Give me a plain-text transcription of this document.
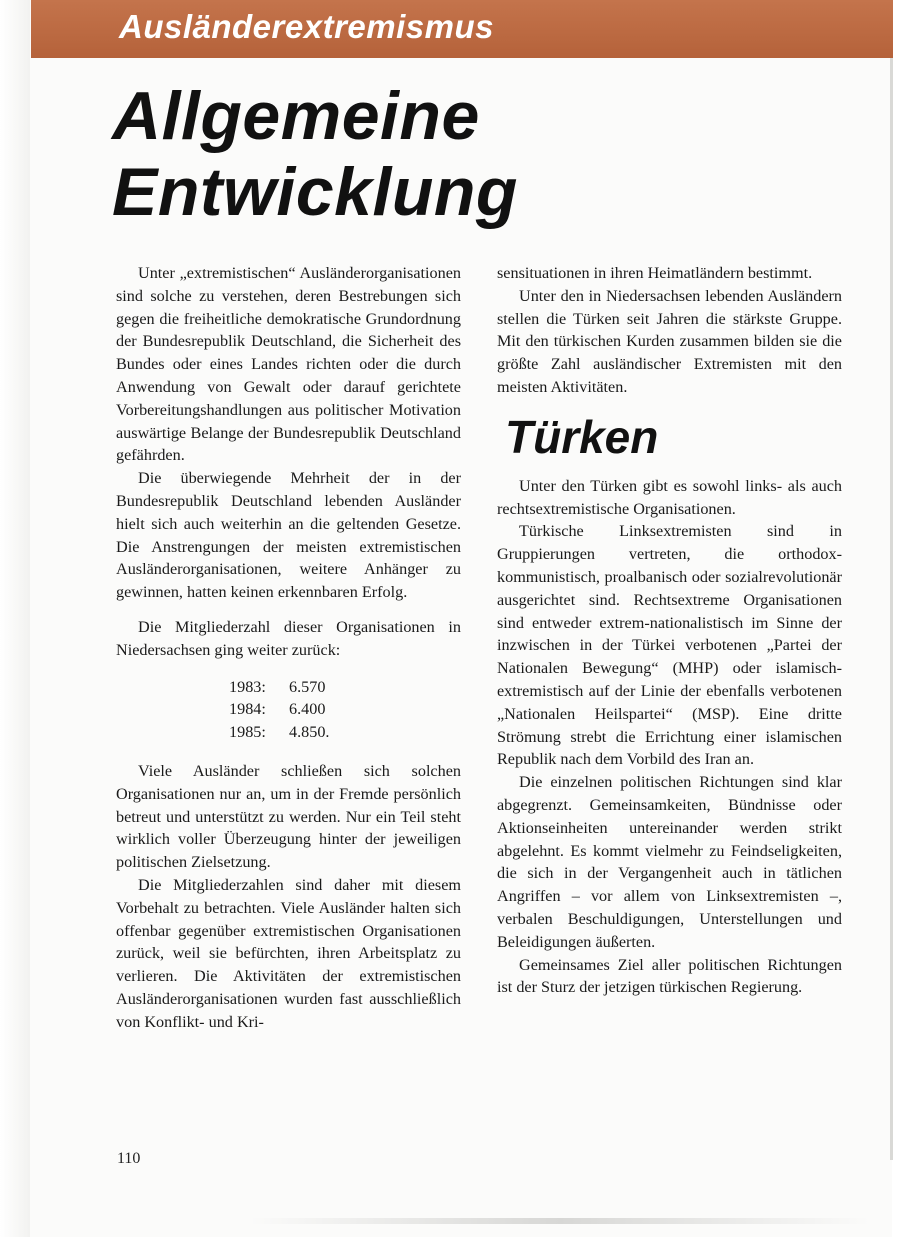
Ausländerextremismus
Allgemeine
Entwicklung

Unter „extremistischen“ Ausländerorganisationen sind solche zu verstehen, deren Bestrebungen sich gegen die freiheitliche demokratische Grundordnung der Bundesrepublik Deutschland, die Sicherheit des Bundes oder eines Landes richten oder die durch Anwendung von Gewalt oder darauf gerichtete Vorbereitungshandlungen aus politischer Motivation auswärtige Belange der Bundesrepublik Deutschland gefährden.

Die überwiegende Mehrheit der in der Bundesrepublik Deutschland lebenden Ausländer hielt sich auch weiterhin an die geltenden Gesetze. Die Anstrengungen der meisten extremistischen Ausländerorganisationen, weitere Anhänger zu gewinnen, hatten keinen erkennbaren Erfolg.

Die Mitgliederzahl dieser Organisationen in Niedersachsen ging weiter zurück:

1983:	6.570
1984:	6.400
1985:	4.850.

Viele Ausländer schließen sich solchen Organisationen nur an, um in der Fremde persönlich betreut und unterstützt zu werden. Nur ein Teil steht wirklich voller Überzeugung hinter der jeweiligen politischen Zielsetzung.

Die Mitgliederzahlen sind daher mit diesem Vorbehalt zu betrachten. Viele Ausländer halten sich offenbar gegenüber extremistischen Organisationen zurück, weil sie befürchten, ihren Arbeitsplatz zu verlieren. Die Aktivitäten der extremistischen Ausländerorganisationen wurden fast ausschließlich von Konflikt- und Kri-

sensituationen in ihren Heimatländern bestimmt.

Unter den in Niedersachsen lebenden Ausländern stellen die Türken seit Jahren die stärkste Gruppe. Mit den türkischen Kurden zusammen bilden sie die größte Zahl ausländischer Extremisten mit den meisten Aktivitäten.

Türken

Unter den Türken gibt es sowohl links- als auch rechtsextremistische Organisationen.

Türkische Linksextremisten sind in Gruppierungen vertreten, die orthodox-kommunistisch, proalbanisch oder sozialrevolutionär ausgerichtet sind. Rechtsextreme Organisationen sind entweder extrem-nationalistisch im Sinne der inzwischen in der Türkei verbotenen „Partei der Nationalen Bewegung“ (MHP) oder islamisch-extremistisch auf der Linie der ebenfalls verbotenen „Nationalen Heilspartei“ (MSP). Eine dritte Strömung strebt die Errichtung einer islamischen Republik nach dem Vorbild des Iran an.

Die einzelnen politischen Richtungen sind klar abgegrenzt. Gemeinsamkeiten, Bündnisse oder Aktionseinheiten untereinander werden strikt abgelehnt. Es kommt vielmehr zu Feindseligkeiten, die sich in der Vergangenheit auch in tätlichen Angriffen – vor allem von Linksextremisten –, verbalen Beschuldigungen, Unterstellungen und Beleidigungen äußerten.

Gemeinsames Ziel aller politischen Richtungen ist der Sturz der jetzigen türkischen Regierung.

110
